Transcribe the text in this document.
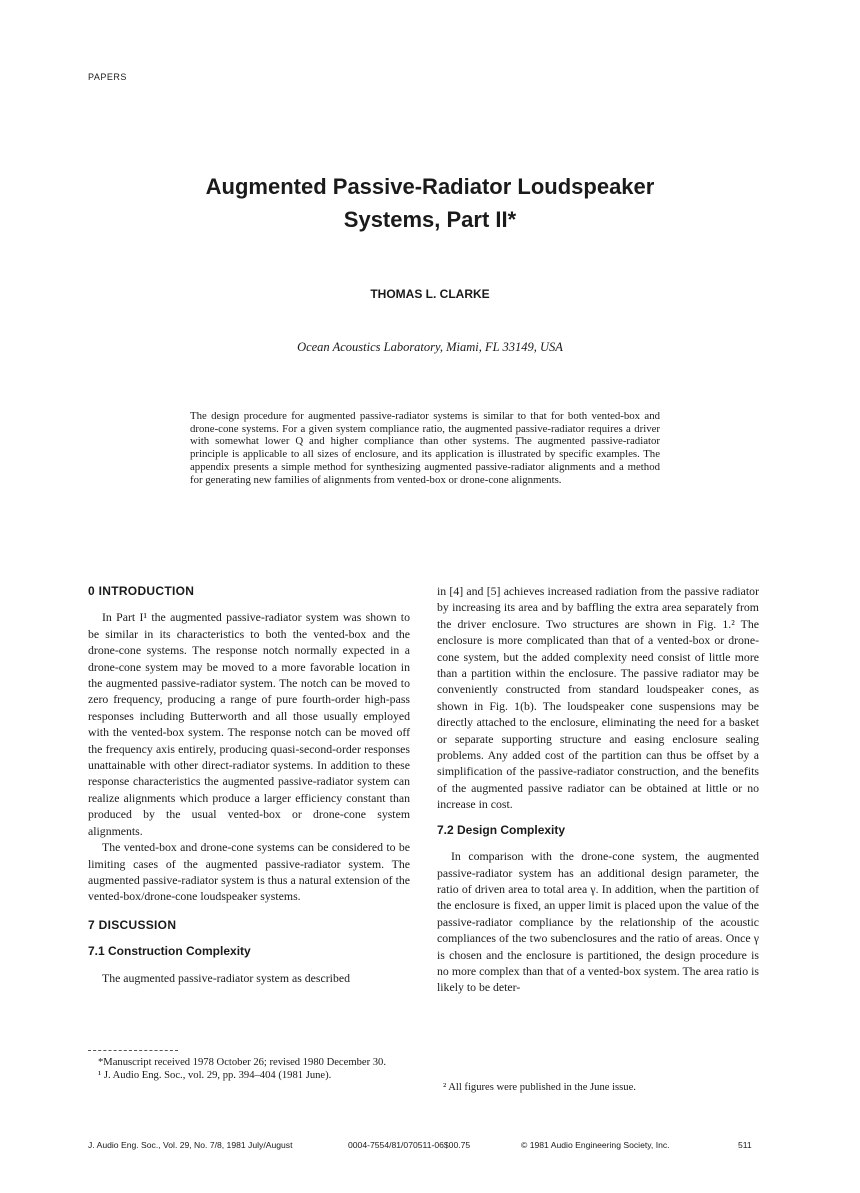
PAPERS
Augmented Passive-Radiator Loudspeaker
Systems, Part II*
THOMAS L. CLARKE
Ocean Acoustics Laboratory, Miami, FL 33149, USA
The design procedure for augmented passive-radiator systems is similar to that for both vented-box and drone-cone systems. For a given system compliance ratio, the augmented passive-radiator requires a driver with somewhat lower Q and higher compliance than other systems. The augmented passive-radiator principle is applicable to all sizes of enclosure, and its application is illustrated by specific examples. The appendix presents a simple method for synthesizing augmented passive-radiator alignments and a method for generating new families of alignments from vented-box or drone-cone alignments.
0 INTRODUCTION

In Part I¹ the augmented passive-radiator system was shown to be similar in its characteristics to both the vented-box and the drone-cone systems. The response notch normally expected in a drone-cone system may be moved to a more favorable location in the augmented passive-radiator system. The notch can be moved to zero frequency, producing a range of pure fourth-order high-pass responses including Butterworth and all those usually employed with the vented-box system. The response notch can be moved off the frequency axis entirely, producing quasi-second-order responses unattainable with other direct-radiator systems. In addition to these response characteristics the augmented passive-radiator system can realize alignments which produce a larger efficiency constant than produced by the usual vented-box or drone-cone system alignments.

The vented-box and drone-cone systems can be considered to be limiting cases of the augmented passive-radiator system. The augmented passive-radiator system is thus a natural extension of the vented-box/drone-cone loudspeaker systems.

7 DISCUSSION
7.1 Construction Complexity

The augmented passive-radiator system as described

in [4] and [5] achieves increased radiation from the passive radiator by increasing its area and by baffling the extra area separately from the driver enclosure. Two structures are shown in Fig. 1.² The enclosure is more complicated than that of a vented-box or drone-cone system, but the added complexity need consist of little more than a partition within the enclosure. The passive radiator may be conveniently constructed from standard loudspeaker cones, as shown in Fig. 1(b). The loudspeaker cone suspensions may be directly attached to the enclosure, eliminating the need for a basket or separate supporting structure and easing enclosure sealing problems. Any added cost of the partition can thus be offset by a simplification of the passive-radiator construction, and the benefits of the augmented passive radiator can be obtained at little or no increase in cost.

7.2 Design Complexity

In comparison with the drone-cone system, the augmented passive-radiator system has an additional design parameter, the ratio of driven area to total area γ. In addition, when the partition of the enclosure is fixed, an upper limit is placed upon the value of the passive-radiator compliance by the relationship of the acoustic compliances of the two subenclosures and the ratio of areas. Once γ is chosen and the enclosure is partitioned, the design procedure is no more complex than that of a vented-box system. The area ratio is likely to be deter-

*Manuscript received 1978 October 26; revised 1980 December 30.
¹ J. Audio Eng. Soc., vol. 29, pp. 394–404 (1981 June).
² All figures were published in the June issue.
J. Audio Eng. Soc., Vol. 29, No. 7/8, 1981 July/August	0004-7554/81/070511-06$00.75	© 1981 Audio Engineering Society, Inc.	511
